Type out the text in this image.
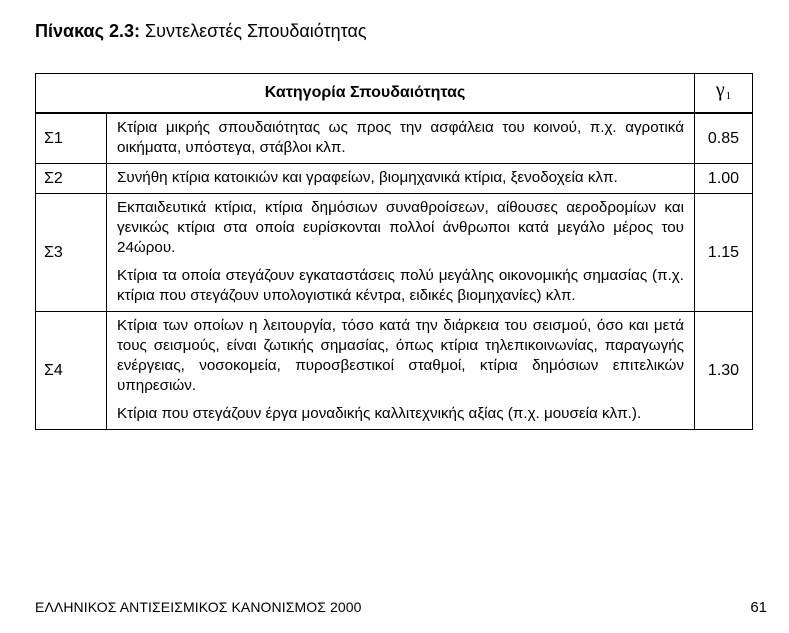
Πίνακας 2.3: Συντελεστές Σπουδαιότητας
Κατηγορία Σπουδαιότητας		$\gamma_1$
Σ1	Κτίρια μικρής σπουδαιότητας ως προς την ασφάλεια του κοινού, π.χ. αγροτικά οικήματα, υπόστεγα, στάβλοι κλπ.	0.85
Σ2	Συνήθη κτίρια κατοικιών και γραφείων, βιομηχανικά κτίρια, ξενοδοχεία κλπ.	1.00
Σ3	Εκπαιδευτικά κτίρια, κτίρια δημόσιων συναθροίσεων, αίθουσες αεροδρομίων και γενικώς κτίρια στα οποία ευρίσκονται πολλοί άνθρωποι κατά μεγάλο μέρος του 24ώρου.

Κτίρια τα οποία στεγάζουν εγκαταστάσεις πολύ μεγάλης οικονομικής σημασίας (π.χ. κτίρια που στεγάζουν υπολογιστικά κέντρα, ειδικές βιομηχανίες) κλπ.	1.15
Σ4	Κτίρια των οποίων η λειτουργία, τόσο κατά την διάρκεια του σεισμού, όσο και μετά τους σεισμούς, είναι ζωτικής σημασίας, όπως κτίρια τηλεπικοινωνίας, παραγωγής ενέργειας, νοσοκομεία, πυροσβεστικοί σταθμοί, κτίρια δημόσιων επιτελικών υπηρεσιών.

Κτίρια που στεγάζουν έργα μοναδικής καλλιτεχνικής αξίας (π.χ. μουσεία κλπ.).	1.30
ΕΛΛΗΝΙΚΟΣ ΑΝΤΙΣΕΙΣΜΙΚΟΣ ΚΑΝΟΝΙΣΜΟΣ 2000	61
